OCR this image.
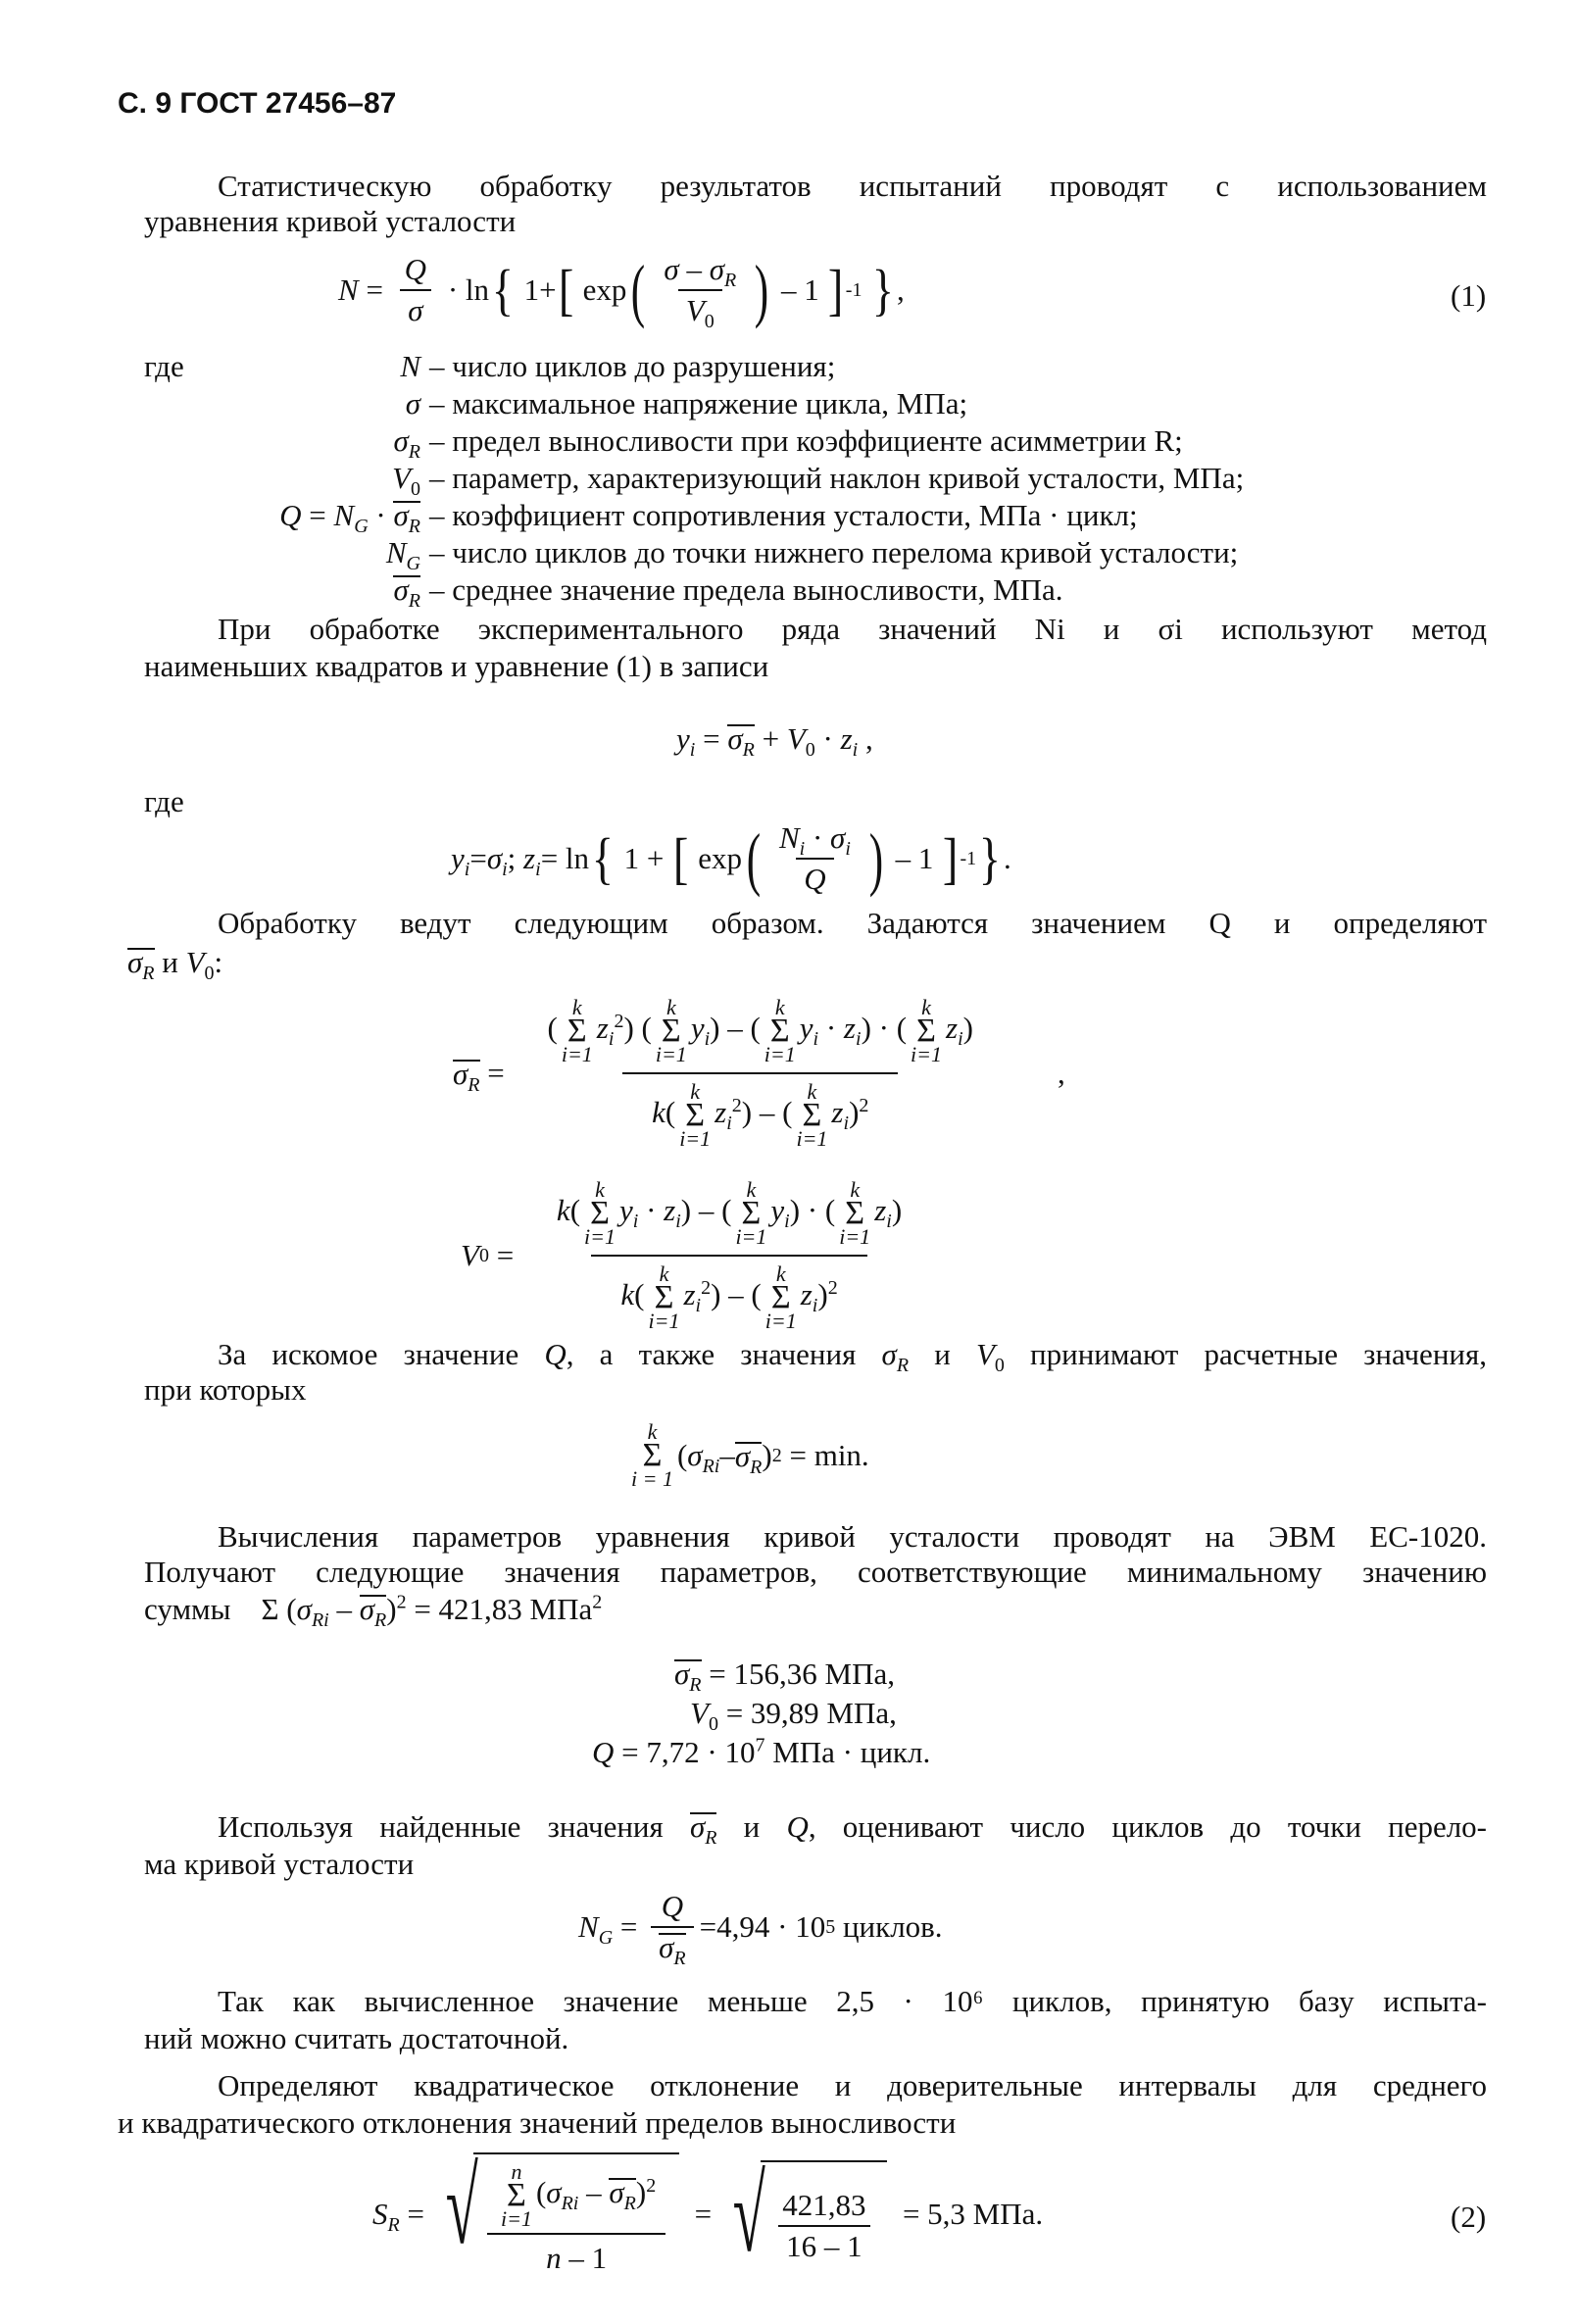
С. 9 ГОСТ 27456–87
Статистическую обработку результатов испытаний проводят с использованием
уравнения кривой усталости
$N = \frac{Q}{\sigma} \cdot \ln$ { 1+ [ exp ( $\frac{\sigma - \sigma_R}{V_0}$ ) – 1 ] -1
} ,	(1)
где	N – число циклов до разрушения;
σ – максимальное напряжение цикла, МПа;
$\sigma_R$ – предел выносливости при коэффициенте асимметрии R;
$V_0$ – параметр, характеризующий наклон кривой усталости, МПа;
$Q = N_G \cdot \sigma_R$ – коэффициент сопротивления усталости, МПа · цикл;
$N_G$ – число циклов до точки нижнего перелома кривой усталости;
$\sigma_R$ – среднее значение предела выносливости, МПа.
При обработке экспериментального ряда значений Ni и σi используют метод
наименьших квадратов и уравнение (1) в записи
$y_i = \sigma_R + V_0 \cdot z_i$ ,
где
$y_i = \sigma_i$ ; $z_i = \ln$ { 1 + [ exp ( $\frac{N_i \cdot \sigma_i}{Q}$ ) – 1 ] -1 } .
Обработку ведут следующим образом. Задаются значением Q и определяют
$\sigma_R$ и $V_0$:
$\sigma_R$ =
(
k
Σ
i=1
$z_i^2$) (
k
Σ
i=1
$y_i$) – (
k
Σ
i=1
$y_i \cdot z_i$) · (
k
Σ
i=1
$z_i$)
k(
k
Σ
i=1
$z_i^2$) – (
k
Σ
i=1
$z_i)^2$
,
V 0 =
k(
k
Σ
i=1
$y_i \cdot z_i$) – (
k
Σ
i=1
$y_i$) · (
k
Σ
i=1
$z_i$)
k(
k
Σ
i=1
$z_i^2$) – (
k
Σ
i=1
$z_i)^2$
За искомое значение Q, а также значения $\sigma_R$ и $V_0$ принимают расчетные значения,
при которых
k
Σ
i = 1
( $\sigma_{Ri} - \sigma_R$ ) 2 = min.
Вычисления параметров уравнения кривой усталости проводят на ЭВМ ЕС-1020.
Получают следующие значения параметров, соответствующие минимальному значению
суммы    Σ $(\sigma_{Ri} - \sigma_R)^2 = 421,83$ МПа$^2$
$\sigma_R = 156,36$ МПа,
$V_0 = 39,89$ МПа,
$Q = 7,72 \cdot 10^7$ МПа · цикл.
Используя найденные значения $\sigma_R$ и Q, оценивают число циклов до точки перело-
ма кривой усталости
$N_G = \frac{Q}{\sigma_R} = 4,94 \cdot 10$ 5
циклов.
Так как вычисленное значение меньше 2,5 · 10⁶ циклов, принятую базу испыта-
ний можно считать достаточной.
Определяют квадратическое отклонение и доверительные интервалы для среднего
и квадратического отклонения значений пределов выносливости
$S_R$ = √ n
Σ
i=1
$(\sigma_{Ri} - \sigma_R)^2$
n – 1 = √ $\frac{421,83}{16 - 1}$
= 5,3 МПа.	(2)
